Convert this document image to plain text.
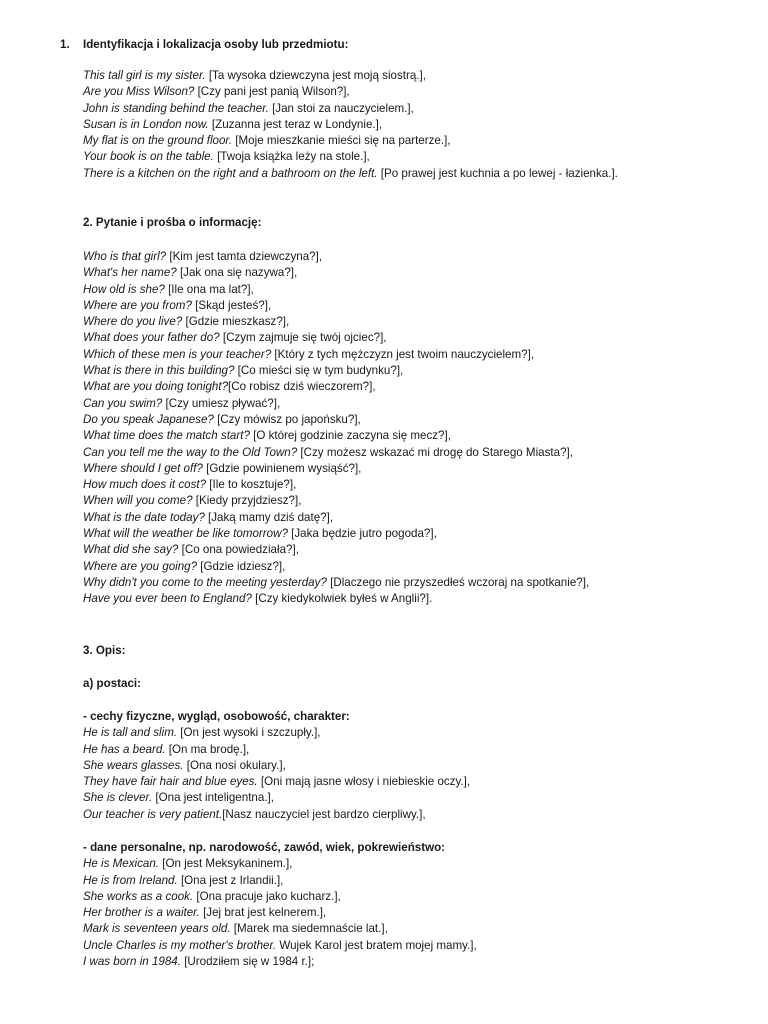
1. Identyfikacja i lokalizacja osoby lub przedmiotu:
This tall girl is my sister. [Ta wysoka dziewczyna jest moją siostrą.],
Are you Miss Wilson? [Czy pani jest panią Wilson?],
John is standing behind the teacher. [Jan stoi za nauczycielem.],
Susan is in London now. [Zuzanna jest teraz w Londynie.],
My flat is on the ground floor. [Moje mieszkanie mieści się na parterze.],
Your book is on the table. [Twoja książka leży na stole.],
There is a kitchen on the right and a bathroom on the left. [Po prawej jest kuchnia a po lewej - łazienka.].
2. Pytanie i prośba o informację:
Who is that girl? [Kim jest tamta dziewczyna?],
What's her name? [Jak ona się nazywa?],
How old is she? [Ile ona ma lat?],
Where are you from? [Skąd jesteś?],
Where do you live? [Gdzie mieszkasz?],
What does your father do? [Czym zajmuje się twój ojciec?],
Which of these men is your teacher? [Który z tych mężczyzn jest twoim nauczycielem?],
What is there in this building? [Co mieści się w tym budynku?],
What are you doing tonight?[Co robisz dziś wieczorem?],
Can you swim? [Czy umiesz pływać?],
Do you speak Japanese? [Czy mówisz po japońsku?],
What time does the match start? [O której godzinie zaczyna się mecz?],
Can you tell me the way to the Old Town? [Czy możesz wskazać mi drogę do Starego Miasta?],
Where should I get off? [Gdzie powinienem wysiąść?],
How much does it cost? [Ile to kosztuje?],
When will you come? [Kiedy przyjdziesz?],
What is the date today? [Jaką mamy dziś datę?],
What will the weather be like tomorrow? [Jaka będzie jutro pogoda?],
What did she say? [Co ona powiedziała?],
Where are you going? [Gdzie idziesz?],
Why didn't you come to the meeting yesterday? [Dlaczego nie przyszedłeś wczoraj na spotkanie?],
Have you ever been to England? [Czy kiedykolwiek byłeś w Anglii?].
3. Opis:
a) postaci:
- cechy fizyczne, wygląd, osobowość, charakter:
He is tall and slim. [On jest wysoki i szczupły.],
He has a beard. [On ma brodę.],
She wears glasses. [Ona nosi okulary.],
They have fair hair and blue eyes. [Oni mają jasne włosy i niebieskie oczy.],
She is clever. [Ona jest inteligentna.],
Our teacher is very patient.[Nasz nauczyciel jest bardzo cierpliwy.],
- dane personalne, np. narodowość, zawód, wiek, pokrewieństwo:
He is Mexican. [On jest Meksykaninem.],
He is from Ireland. [Ona jest z Irlandii.],
She works as a cook. [Ona pracuje jako kucharz.],
Her brother is a waiter. [Jej brat jest kelnerem.],
Mark is seventeen years old. [Marek ma siedemnaście lat.],
Uncle Charles is my mother's brother. Wujek Karol jest bratem mojej mamy.],
I was born in 1984. [Urodziłem się w 1984 r.];
